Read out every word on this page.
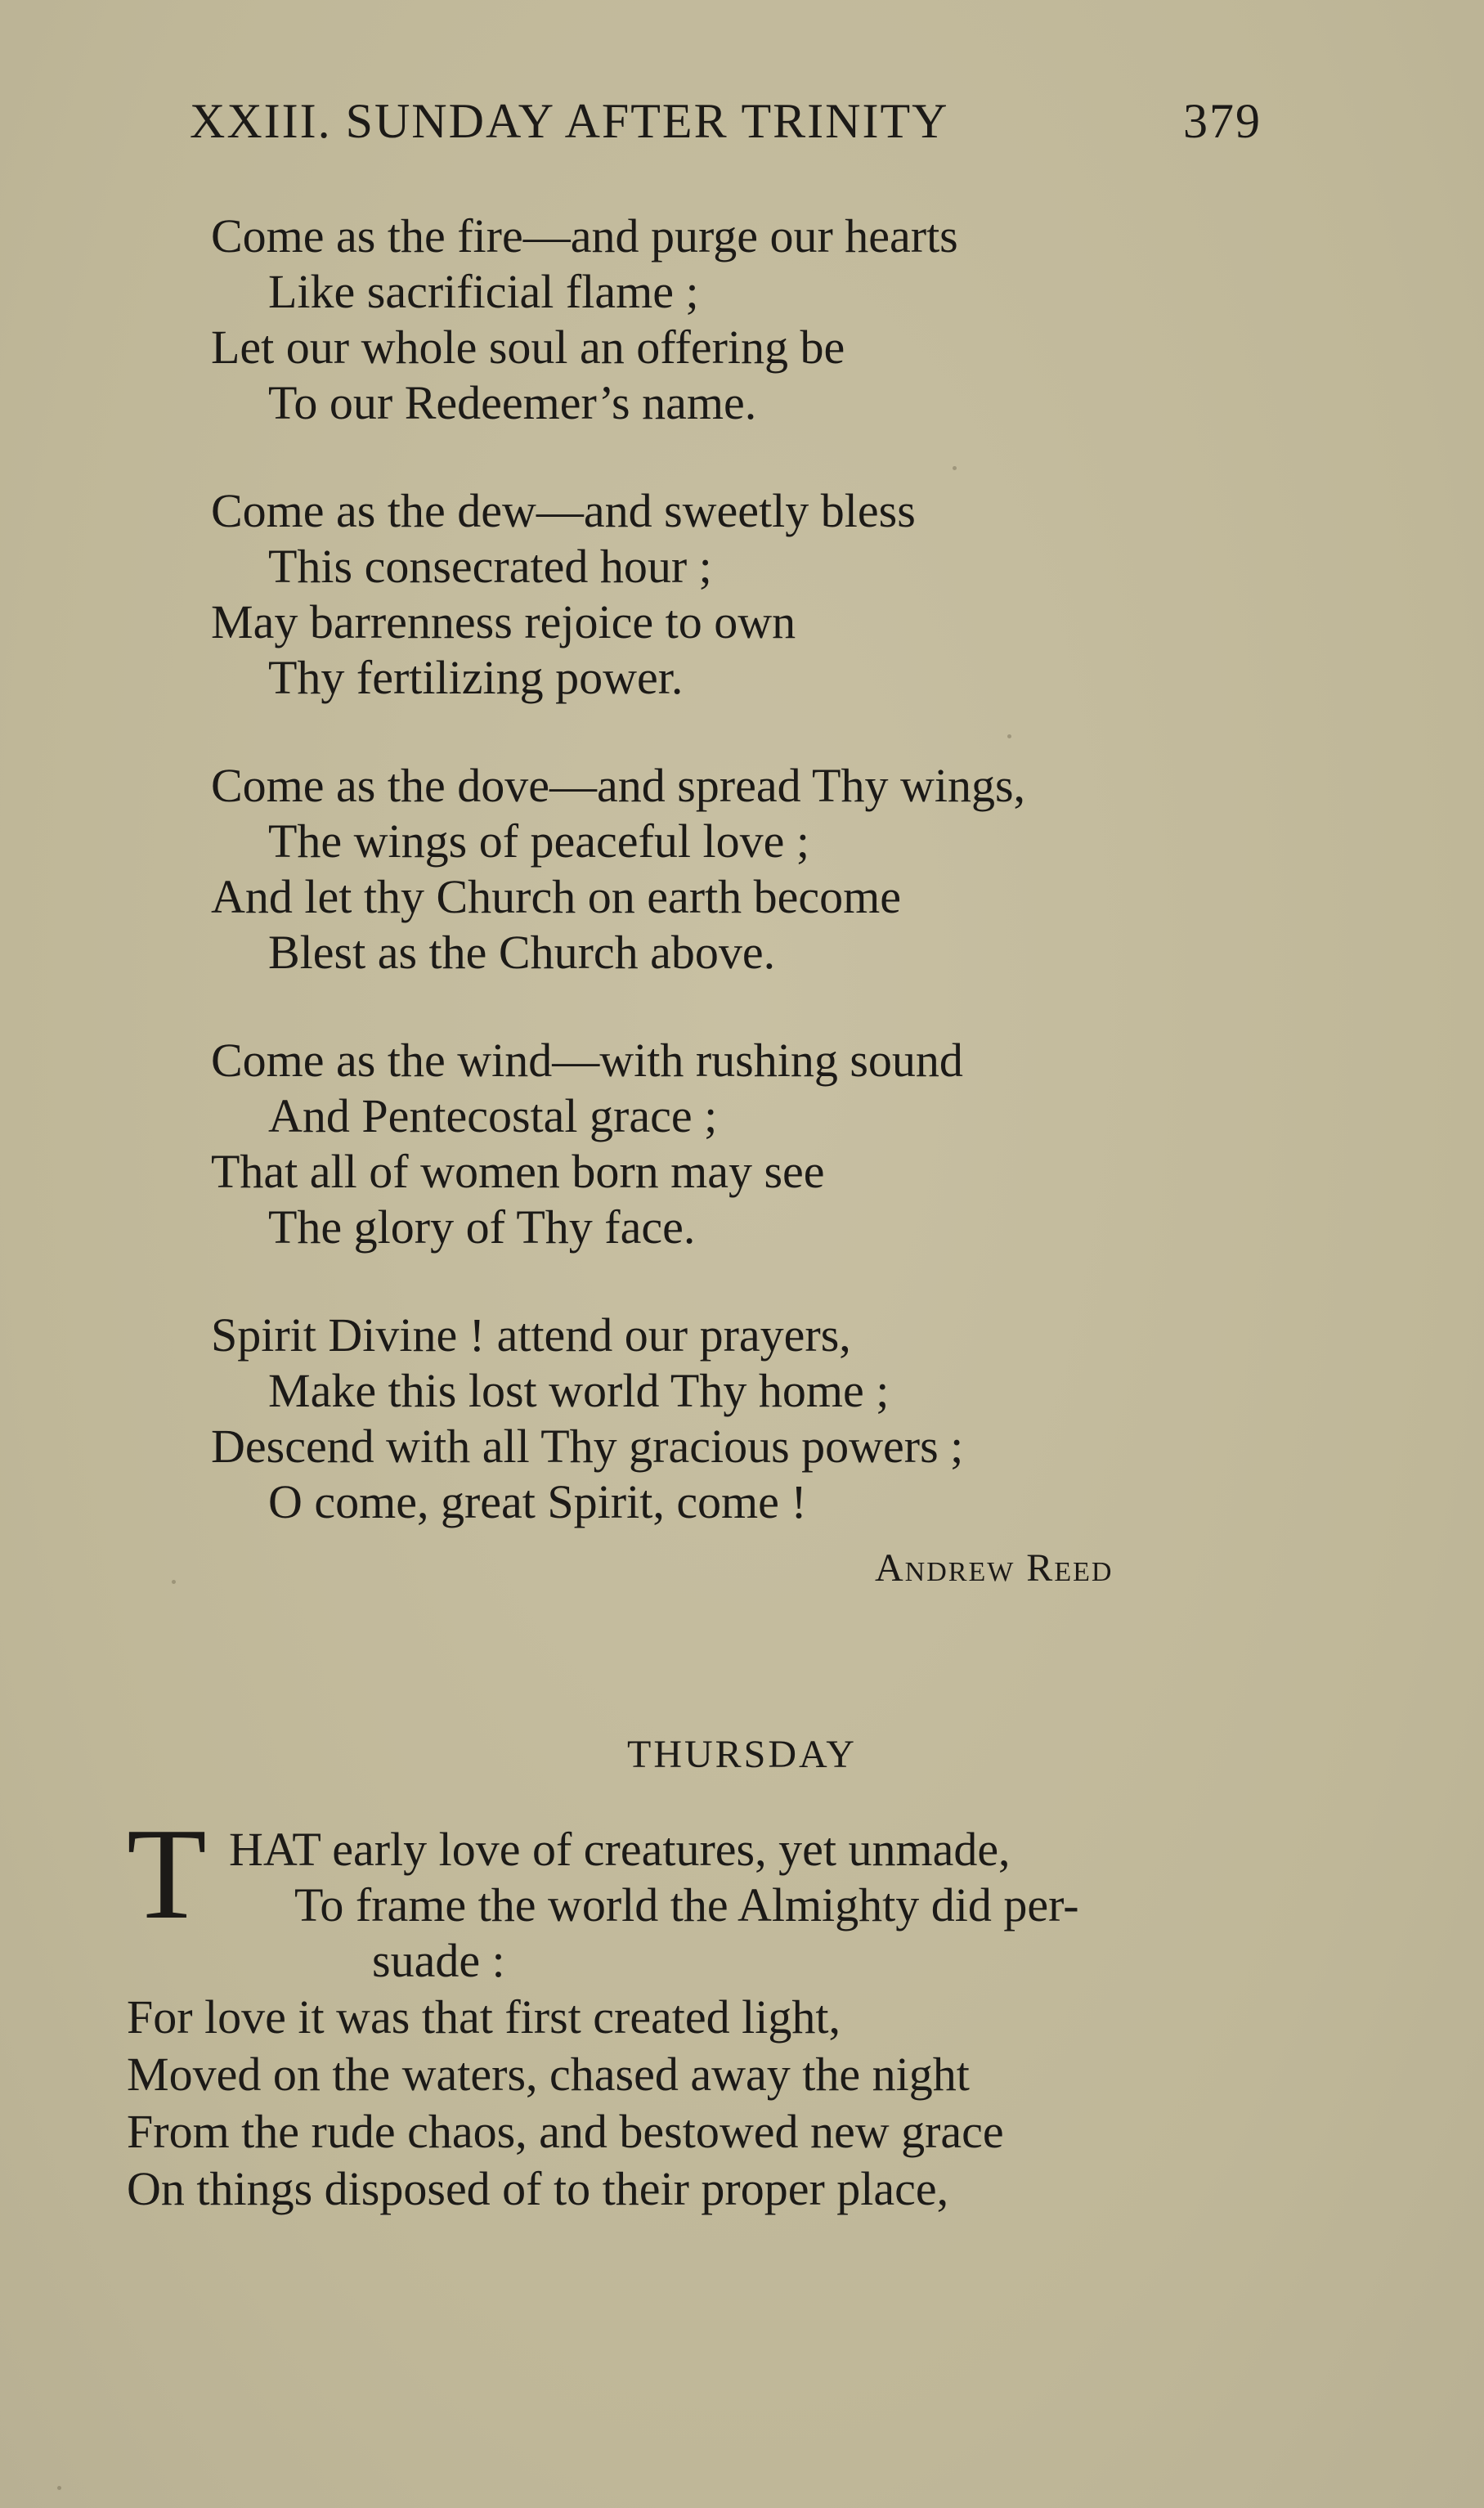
XXIII. SUNDAY AFTER TRINITY	379
Come as the fire—and purge our hearts
Like sacrificial flame ;
Let our whole soul an offering be
To our Redeemer’s name.
Come as the dew—and sweetly bless
This consecrated hour ;
May barrenness rejoice to own
Thy fertilizing power.
Come as the dove—and spread Thy wings,
The wings of peaceful love ;
And let thy Church on earth become
Blest as the Church above.
Come as the wind—with rushing sound
And Pentecostal grace ;
That all of women born may see
The glory of Thy face.
Spirit Divine ! attend our prayers,
Make this lost world Thy home ;
Descend with all Thy gracious powers ;
O come, great Spirit, come !
Andrew Reed
THURSDAY
T HAT early love of creatures, yet unmade,
To frame the world the Almighty did per-
suade :
For love it was that first created light,
Moved on the waters, chased away the night
From the rude chaos, and bestowed new grace
On things disposed of to their proper place,
